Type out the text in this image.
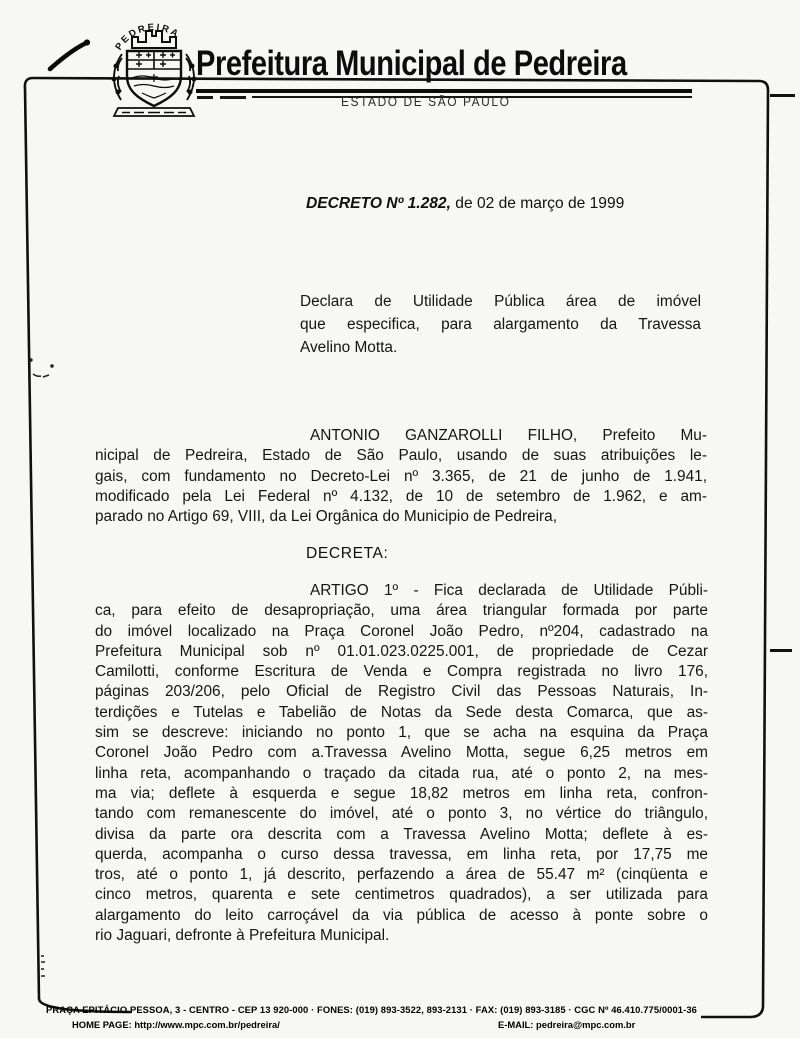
PEDREIRA
Prefeitura Municipal de Pedreira
ESTADO DE SÃO PAULO
DECRETO Nº 1.282, de 02 de março de 1999
Declara de Utilidade Pública área de imóvel
que especifica, para alargamento da Travessa
Avelino Motta.
ANTONIO GANZAROLLI FILHO, Prefeito Mu-
nicipal de Pedreira, Estado de São Paulo, usando de suas atribuições le-
gais, com fundamento no Decreto-Lei nº 3.365, de 21 de junho de 1.941,
modificado pela Lei Federal nº 4.132, de 10 de setembro de 1.962, e am-
parado no Artigo 69, VIII, da Lei Orgânica do Municipio de Pedreira,
DECRETA:
ARTIGO 1º - Fica declarada de Utilidade Públi-
ca, para efeito de desapropriação, uma área triangular formada por parte
do imóvel localizado na Praça Coronel João Pedro, nº204, cadastrado na
Prefeitura Municipal sob nº 01.01.023.0225.001, de propriedade de Cezar
Camilotti, conforme Escritura de Venda e Compra registrada no livro 176,
páginas 203/206, pelo Oficial de Registro Civil das Pessoas Naturais, In-
terdições e Tutelas e Tabelião de Notas da Sede desta Comarca, que as-
sim se descreve: iniciando no ponto 1, que se acha na esquina da Praça
Coronel João Pedro com a.Travessa Avelino Motta, segue 6,25 metros em
linha reta, acompanhando o traçado da citada rua, até o ponto 2, na mes-
ma via; deflete à esquerda e segue 18,82 metros em linha reta, confron-
tando com remanescente do imóvel, até o ponto 3, no vértice do triângulo,
divisa da parte ora descrita com a Travessa Avelino Motta; deflete à es-
querda, acompanha o curso dessa travessa, em linha reta, por 17,75 me
tros, até o ponto 1, já descrito, perfazendo a área de 55.47 m² (cinqüenta e
cinco metros, quarenta e sete centimetros quadrados), a ser utilizada para
alargamento do leito carroçável da via pública de acesso à ponte sobre o
rio Jaguari, defronte à Prefeitura Municipal.
PRAÇA EPITÁCIO PESSOA, 3 - CENTRO - CEP 13 920-000 · FONES: (019) 893-3522, 893-2131 · FAX: (019) 893-3185 · CGC Nº 46.410.775/0001-36
HOME PAGE: http://www.mpc.com.br/pedreira/	E-MAIL: pedreira@mpc.com.br
